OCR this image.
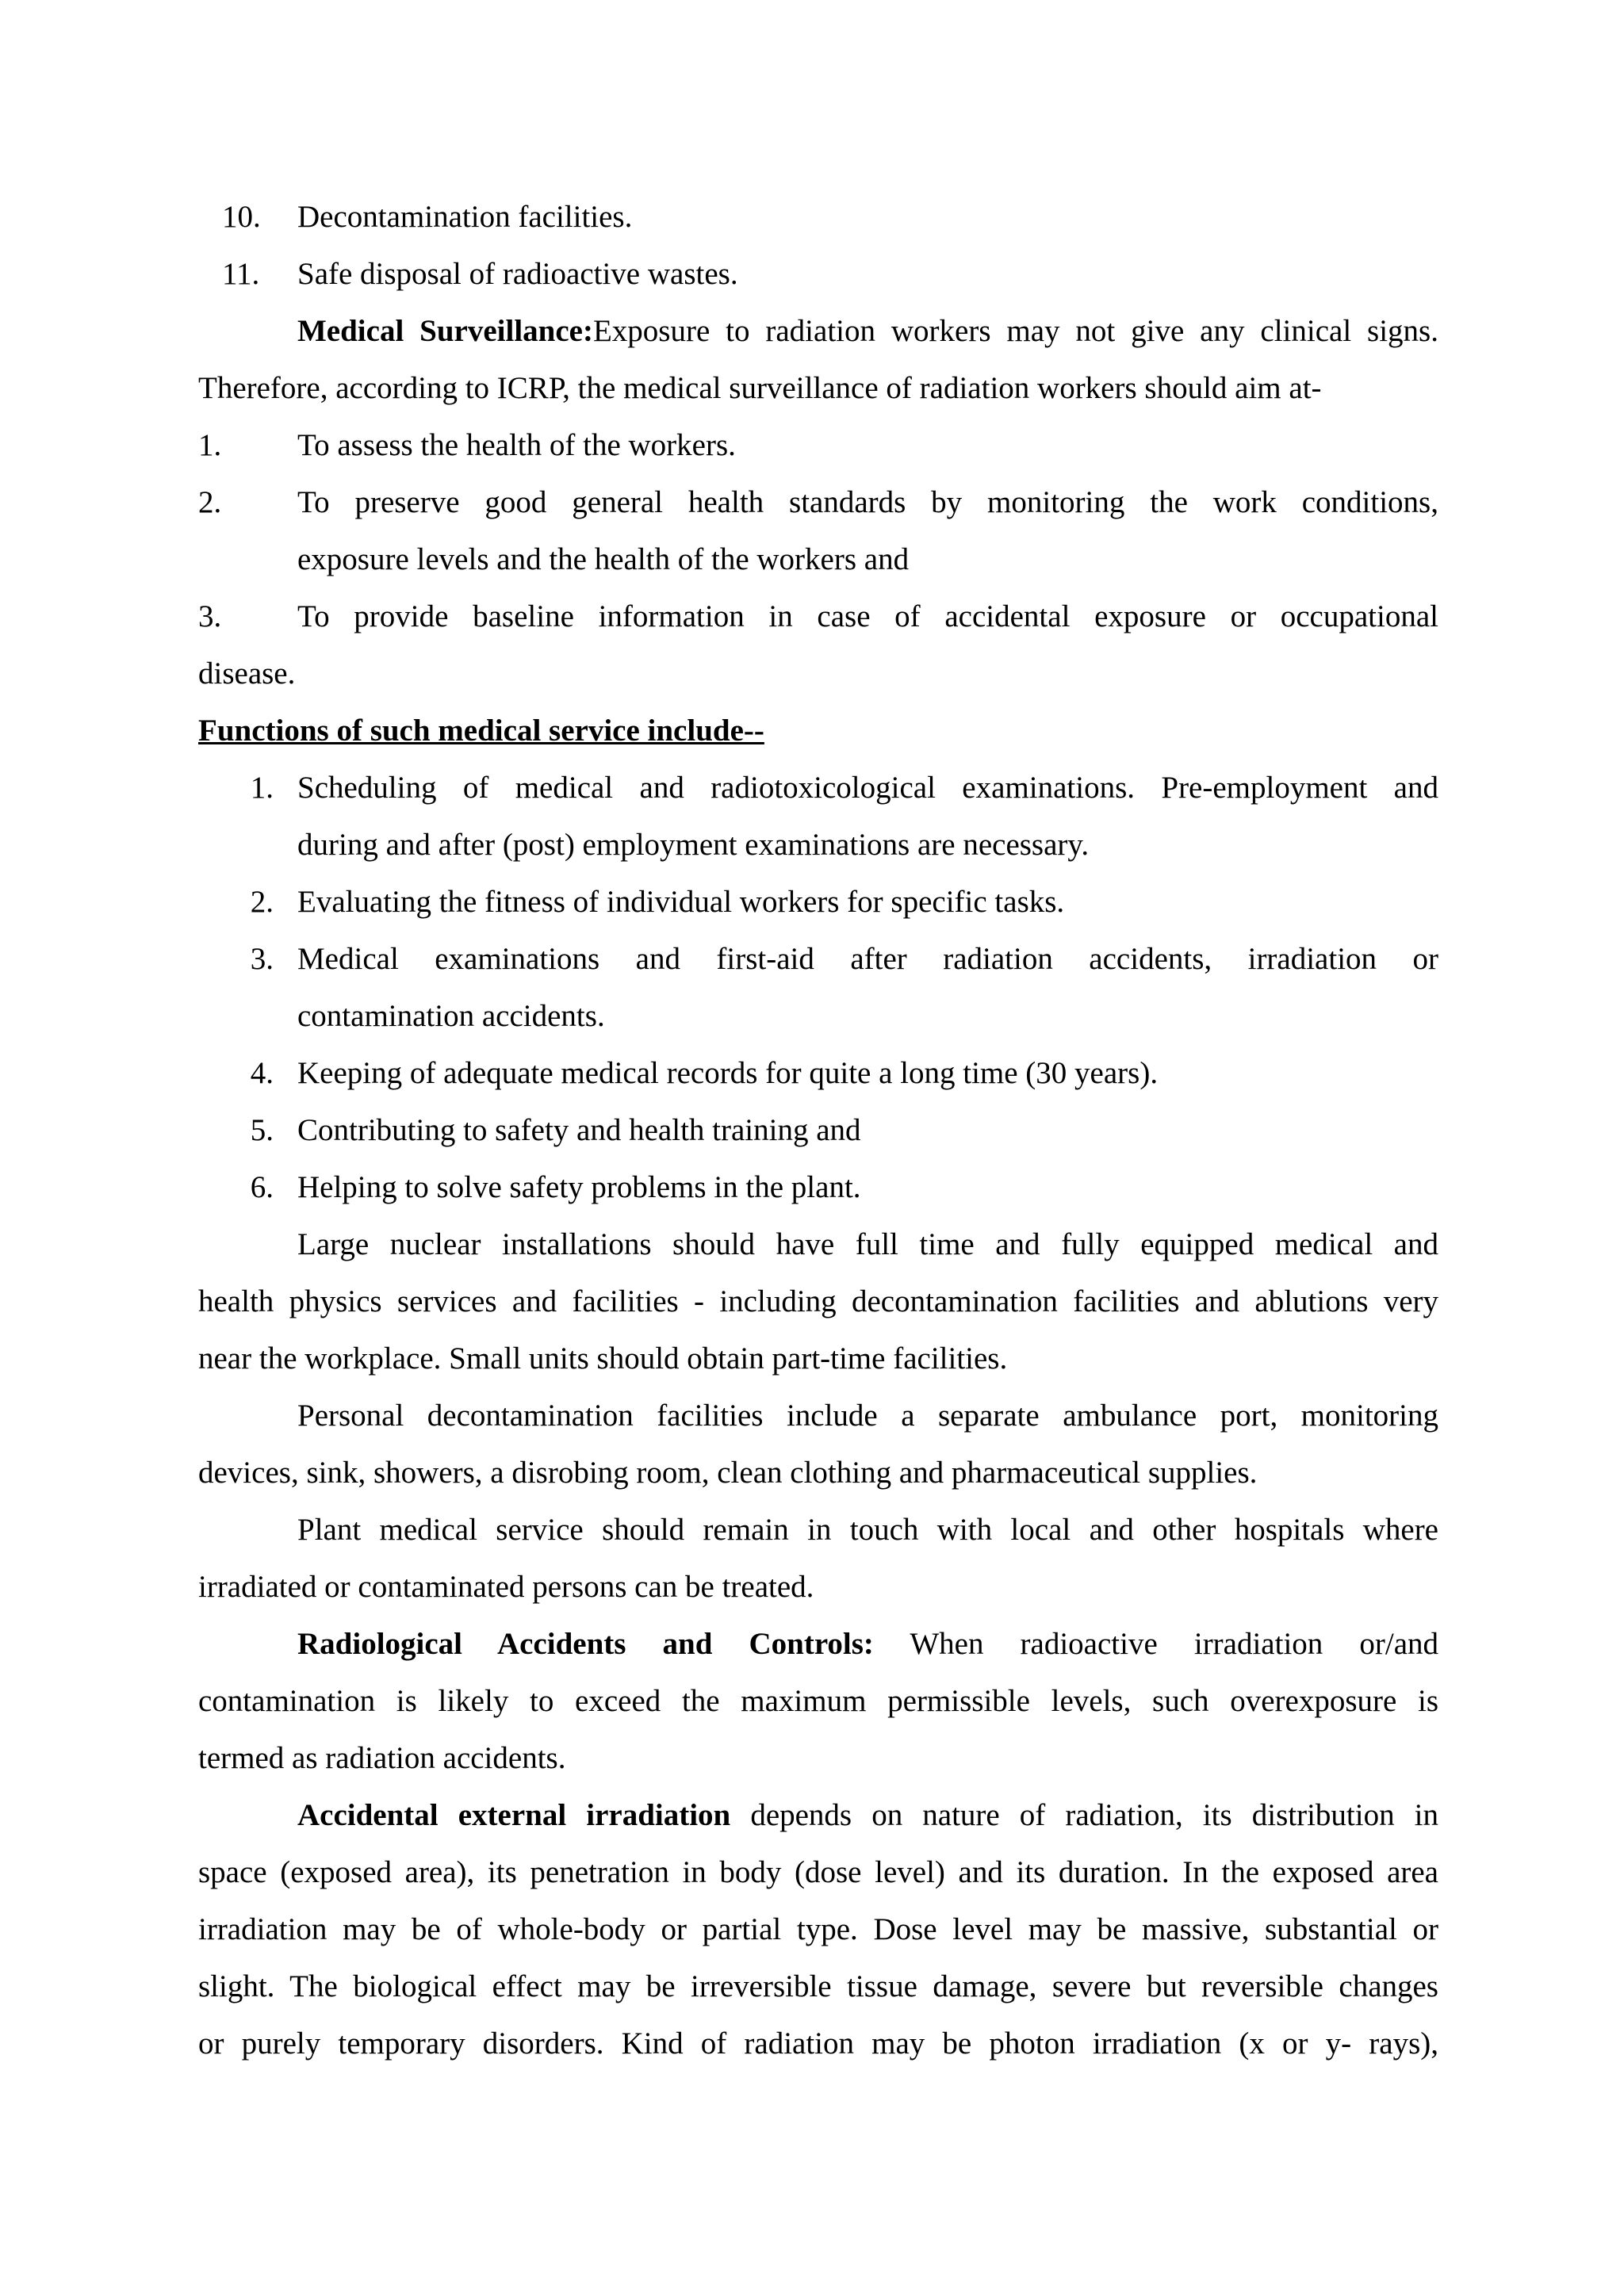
10. Decontamination facilities.
11. Safe disposal of radioactive wastes.
Medical Surveillance:Exposure to radiation workers may not give any clinical signs.
Therefore, according to ICRP, the medical surveillance of radiation workers should aim at-
1. To assess the health of the workers.
2. To preserve good general health standards by monitoring the work conditions,
exposure levels and the health of the workers and
3. To provide baseline information in case of accidental exposure or occupational
disease.
Functions of such medical service include--
1. Scheduling of medical and radiotoxicological examinations. Pre-employment and
during and after (post) employment examinations are necessary.
2. Evaluating the fitness of individual workers for specific tasks.
3. Medical examinations and first-aid after radiation accidents, irradiation or
contamination accidents.
4. Keeping of adequate medical records for quite a long time (30 years).
5. Contributing to safety and health training and
6. Helping to solve safety problems in the plant.
Large nuclear installations should have full time and fully equipped medical and
health physics services and facilities - including decontamination facilities and ablutions very
near the workplace. Small units should obtain part-time facilities.
Personal decontamination facilities include a separate ambulance port, monitoring
devices, sink, showers, a disrobing room, clean clothing and pharmaceutical supplies.
Plant medical service should remain in touch with local and other hospitals where
irradiated or contaminated persons can be treated.
Radiological Accidents and Controls: When radioactive irradiation or/and
contamination is likely to exceed the maximum permissible levels, such overexposure is
termed as radiation accidents.
Accidental external irradiation depends on nature of radiation, its distribution in
space (exposed area), its penetration in body (dose level) and its duration. In the exposed area
irradiation may be of whole-body or partial type. Dose level may be massive, substantial or
slight. The biological effect may be irreversible tissue damage, severe but reversible changes
or purely temporary disorders. Kind of radiation may be photon irradiation (x or y- rays),
